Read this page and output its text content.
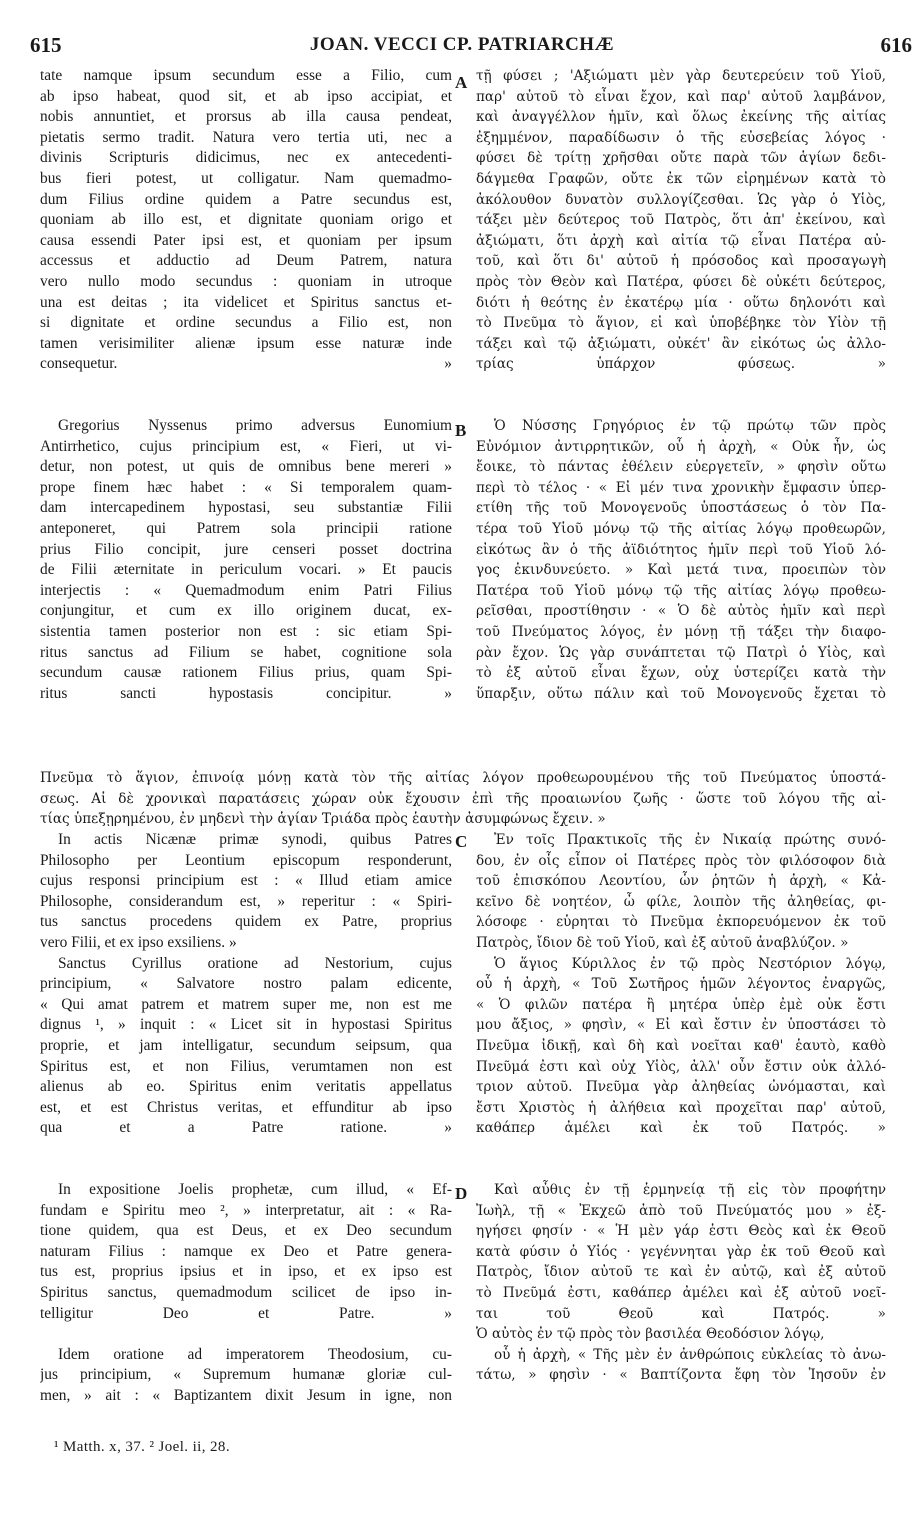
615	JOAN. VECCI CP. PATRIARCHÆ	616
A
B
C
D
tate namque ipsum secundum esse a Filio, cum
ab ipso habeat, quod sit, et ab ipso accipiat, et
nobis annuntiet, et prorsus ab illa causa pendeat,
pietatis sermo tradit. Natura vero tertia uti, nec a
divinis Scripturis didicimus, nec ex antecedenti-
bus fieri potest, ut colligatur. Nam quemadmo-
dum Filius ordine quidem a Patre secundus est,
quoniam ab illo est, et dignitate quoniam origo et
causa essendi Pater ipsi est, et quoniam per ipsum
accessus et adductio ad Deum Patrem, natura
vero nullo modo secundus : quoniam in utroque
una est deitas ; ita videlicet et Spiritus sanctus et-
si dignitate et ordine secundus a Filio est, non
tamen verisimiliter alienæ ipsum esse naturæ inde
consequetur. »
Gregorius Nyssenus primo adversus Eunomium
Antirrhetico, cujus principium est, « Fieri, ut vi-
detur, non potest, ut quis de omnibus bene mereri »
prope finem hæc habet : « Si temporalem quam-
dam intercapedinem hypostasi, seu substantiæ Filii
anteponeret, qui Patrem sola principii ratione
prius Filio concipit, jure censeri posset doctrina
de Filii æternitate in periculum vocari. » Et paucis
interjectis : « Quemadmodum enim Patri Filius
conjungitur, et cum ex illo originem ducat, ex-
sistentia tamen posterior non est : sic etiam Spi-
ritus sanctus ad Filium se habet, cognitione sola
secundum causæ rationem Filius prius, quam Spi-
ritus sancti hypostasis concipitur. »
τῇ φύσει ; 'Αξιώματι μὲν γὰρ δευτερεύειν τοῦ Υἱοῦ,
παρ' αὐτοῦ τὸ εἶναι ἔχον, καὶ παρ' αὐτοῦ λαμβάνον,
καὶ ἀναγγέλλον ἡμῖν, καὶ ὅλως ἐκείνης τῆς αἰτίας
ἐξημμένον, παραδίδωσιν ὁ τῆς εὐσεβείας λόγος ·
φύσει δὲ τρίτῃ χρῆσθαι οὔτε παρὰ τῶν ἁγίων δεδι-
δάγμεθα Γραφῶν, οὔτε ἐκ τῶν εἰρημένων κατὰ τὸ
ἀκόλουθον δυνατὸν συλλογίζεσθαι. Ὡς γὰρ ὁ Υἱὸς,
τάξει μὲν δεύτερος τοῦ Πατρὸς, ὅτι ἀπ' ἐκείνου, καὶ
ἀξιώματι, ὅτι ἀρχὴ καὶ αἰτία τῷ εἶναι Πατέρα αὐ-
τοῦ, καὶ ὅτι δι' αὐτοῦ ἡ πρόσοδος καὶ προσαγωγὴ
πρὸς τὸν Θεὸν καὶ Πατέρα, φύσει δὲ οὐκέτι δεύτερος,
διότι ἡ θεότης ἐν ἑκατέρῳ μία · οὕτω δηλονότι καὶ
τὸ Πνεῦμα τὸ ἅγιον, εἰ καὶ ὑποβέβηκε τὸν Υἱὸν τῇ
τάξει καὶ τῷ ἀξιώματι, οὐκέτ' ἂν εἰκότως ὡς ἀλλο-
τρίας ὑπάρχον φύσεως. »
Ὁ Νύσσης Γρηγόριος ἐν τῷ πρώτῳ τῶν πρὸς
Εὐνόμιον ἀντιρρητικῶν, οὗ ἡ ἀρχὴ, « Οὐκ ἦν, ὡς
ἔοικε, τὸ πάντας ἐθέλειν εὐεργετεῖν, » φησὶν οὕτω
περὶ τὸ τέλος · « Εἰ μέν τινα χρονικὴν ἔμφασιν ὑπερ-
ετίθη τῆς τοῦ Μονογενοῦς ὑποστάσεως ὁ τὸν Πα-
τέρα τοῦ Υἱοῦ μόνῳ τῷ τῆς αἰτίας λόγῳ προθεωρῶν,
εἰκότως ἂν ὁ τῆς ἀϊδιότητος ἡμῖν περὶ τοῦ Υἱοῦ λό-
γος ἐκινδυνεύετο. » Καὶ μετά τινα, προειπὼν τὸν
Πατέρα τοῦ Υἱοῦ μόνῳ τῷ τῆς αἰτίας λόγῳ προθεω-
ρεῖσθαι, προστίθησιν · « Ὁ δὲ αὐτὸς ἡμῖν καὶ περὶ
τοῦ Πνεύματος λόγος, ἐν μόνῃ τῇ τάξει τὴν διαφο-
ρὰν ἔχον. Ὡς γὰρ συνάπτεται τῷ Πατρὶ ὁ Υἱὸς, καὶ
τὸ ἐξ αὐτοῦ εἶναι ἔχων, οὐχ ὑστερίζει κατὰ τὴν
ὕπαρξιν, οὕτω πάλιν καὶ τοῦ Μονογενοῦς ἔχεται τὸ
Πνεῦμα τὸ ἅγιον, ἐπινοίᾳ μόνῃ κατὰ τὸν τῆς αἰτίας λόγον προθεωρουμένου τῆς τοῦ Πνεύματος ὑποστά-
σεως. Αἱ δὲ χρονικαὶ παρατάσεις χώραν οὐκ ἔχουσιν ἐπὶ τῆς προαιωνίου ζωῆς · ὥστε τοῦ λόγου τῆς αἰ-
τίας ὑπεξῃρημένου, ἐν μηδενὶ τὴν ἁγίαν Τριάδα πρὸς ἑαυτὴν ἀσυμφώνως ἔχειν. »
In actis Nicænæ primæ synodi, quibus Patres
Philosopho per Leontium episcopum responderunt,
cujus responsi principium est : « Illud etiam amice
Philosophe, considerandum est, » reperitur : « Spiri-
tus sanctus procedens quidem ex Patre, proprius
vero Filii, et ex ipso exsiliens. »
Sanctus Cyrillus oratione ad Nestorium, cujus
principium, « Salvatore nostro palam edicente,
« Qui amat patrem et matrem super me, non est me
dignus ¹, » inquit : « Licet sit in hypostasi Spiritus
proprie, et jam intelligatur, secundum seipsum, qua
Spiritus est, et non Filius, verumtamen non est
alienus ab eo. Spiritus enim veritatis appellatus
est, et est Christus veritas, et effunditur ab ipso
qua et a Patre ratione. »
In expositione Joelis prophetæ, cum illud, « Ef-
fundam e Spiritu meo ², » interpretatur, ait : « Ra-
tione quidem, qua est Deus, et ex Deo secundum
naturam Filius : namque ex Deo et Patre genera-
tus est, proprius ipsius et in ipso, et ex ipso est
Spiritus sanctus, quemadmodum scilicet de ipso in-
telligitur Deo et Patre. »
Idem oratione ad imperatorem Theodosium, cu-
jus principium, « Supremum humanæ gloriæ cul-
men, » ait : « Baptizantem dixit Jesum in igne, non
Ἐν τοῖς Πρακτικοῖς τῆς ἐν Νικαίᾳ πρώτης συνό-
δου, ἐν οἷς εἶπον οἱ Πατέρες πρὸς τὸν φιλόσοφον διὰ
τοῦ ἐπισκόπου Λεοντίου, ὧν ῥητῶν ἡ ἀρχὴ, « Κἀ-
κεῖνο δὲ νοητέον, ὦ φίλε, λοιπὸν τῆς ἀληθείας, φι-
λόσοφε · εὑρηται τὸ Πνεῦμα ἐκπορευόμενον ἐκ τοῦ
Πατρὸς, ἴδιον δὲ τοῦ Υἱοῦ, καὶ ἐξ αὐτοῦ ἀναβλύζον. »
Ὁ ἅγιος Κύριλλος ἐν τῷ πρὸς Νεστόριον λόγῳ,
οὗ ἡ ἀρχὴ, « Τοῦ Σωτῆρος ἡμῶν λέγοντος ἐναργῶς,
« Ὁ φιλῶν πατέρα ἢ μητέρα ὑπὲρ ἐμὲ οὐκ ἔστι
μου ἄξιος, » φησὶν, « Εἰ καὶ ἔστιν ἐν ὑποστάσει τὸ
Πνεῦμα ἰδικῇ, καὶ δὴ καὶ νοεῖται καθ' ἑαυτὸ, καθὸ
Πνεῦμά ἐστι καὶ οὐχ Υἱὸς, ἀλλ' οὖν ἔστιν οὐκ ἀλλό-
τριον αὐτοῦ. Πνεῦμα γὰρ ἀληθείας ὠνόμασται, καὶ
ἔστι Χριστὸς ἡ ἀλήθεια καὶ προχεῖται παρ' αὐτοῦ,
καθάπερ ἀμέλει καὶ ἐκ τοῦ Πατρός. »
Καὶ αὖθις ἐν τῇ ἑρμηνείᾳ τῇ εἰς τὸν προφήτην
Ἰωὴλ, τῇ « Ἐκχεῶ ἀπὸ τοῦ Πνεύματός μου » ἐξ-
ηγήσει φησίν · « Ἡ μὲν γάρ ἐστι Θεὸς καὶ ἐκ Θεοῦ
κατὰ φύσιν ὁ Υἱός · γεγέννηται γὰρ ἐκ τοῦ Θεοῦ καὶ
Πατρὸς, ἴδιον αὐτοῦ τε καὶ ἐν αὐτῷ, καὶ ἐξ αὐτοῦ
τὸ Πνεῦμά ἐστι, καθάπερ ἀμέλει καὶ ἐξ αὐτοῦ νοεῖ-
ται τοῦ Θεοῦ καὶ Πατρός. »
Ὁ αὐτὸς ἐν τῷ πρὸς τὸν βασιλέα Θεοδόσιον λόγῳ,
οὗ ἡ ἀρχὴ, « Τῆς μὲν ἐν ἀνθρώποις εὐκλείας τὸ ἀνω-
τάτω, » φησὶν · « Βαπτίζοντα ἔφη τὸν Ἰησοῦν ἐν
¹ Matth. x, 37. ² Joel. ii, 28.
